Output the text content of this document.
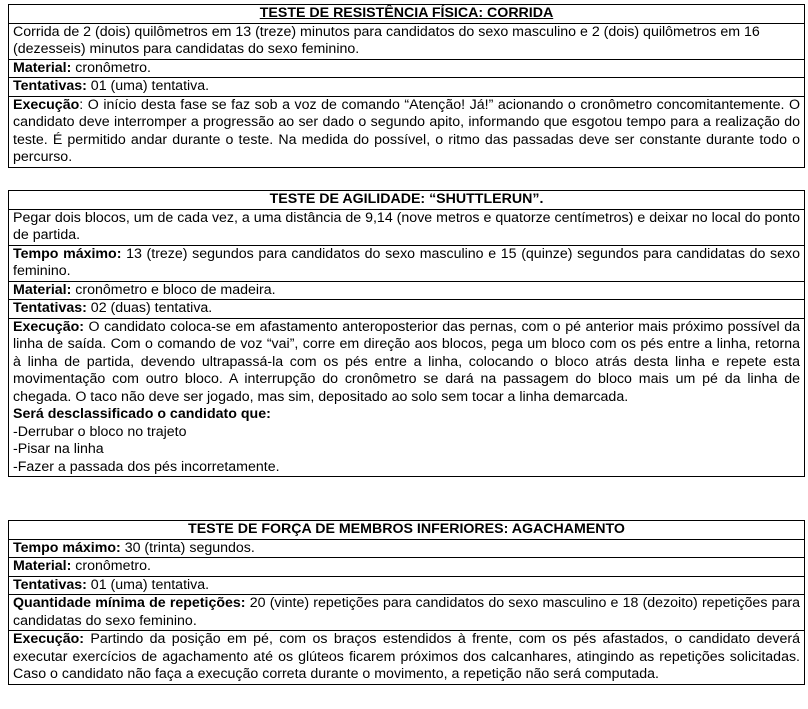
TESTE DE RESISTÊNCIA FÍSICA: CORRIDA
Corrida de 2 (dois) quilômetros em 13 (treze) minutos para candidatos do sexo masculino e 2 (dois) quilômetros em 16 (dezesseis) minutos para candidatas do sexo feminino.
Material: cronômetro.
Tentativas: 01 (uma) tentativa.
Execução: O início desta fase se faz sob a voz de comando “Atenção! Já!” acionando o cronômetro concomitantemente. O candidato deve interromper a progressão ao ser dado o segundo apito, informando que esgotou tempo para a realização do teste. É permitido andar durante o teste. Na medida do possível, o ritmo das passadas deve ser constante durante todo o percurso.
TESTE DE AGILIDADE: “SHUTTLERUN”.
Pegar dois blocos, um de cada vez, a uma distância de 9,14 (nove metros e quatorze centímetros) e deixar no local do ponto de partida.
Tempo máximo: 13 (treze) segundos para candidatos do sexo masculino e 15 (quinze) segundos para candidatas do sexo feminino.
Material: cronômetro e bloco de madeira.
Tentativas: 02 (duas) tentativa.

Execução: O candidato coloca-se em afastamento anteroposterior das pernas, com o pé anterior mais próximo possível da linha de saída. Com o comando de voz “vai”, corre em direção aos blocos, pega um bloco com os pés entre a linha, retorna à linha de partida, devendo ultrapassá-la com os pés entre a linha, colocando o bloco atrás desta linha e repete esta movimentação com outro bloco. A interrupção do cronômetro se dará na passagem do bloco mais um pé da linha de chegada. O taco não deve ser jogado, mas sim, depositado ao solo sem tocar a linha demarcada.

Será desclassificado o candidato que:

-Derrubar o bloco no trajeto

-Pisar na linha

-Fazer a passada dos pés incorretamente.

TESTE DE FORÇA DE MEMBROS INFERIORES: AGACHAMENTO
Tempo máximo: 30 (trinta) segundos.
Material: cronômetro.
Tentativas: 01 (uma) tentativa.
Quantidade mínima de repetições: 20 (vinte) repetições para candidatos do sexo masculino e 18 (dezoito) repetições para candidatas do sexo feminino.
Execução: Partindo da posição em pé, com os braços estendidos à frente, com os pés afastados, o candidato deverá executar exercícios de agachamento até os glúteos ficarem próximos dos calcanhares, atingindo as repetições solicitadas. Caso o candidato não faça a execução correta durante o movimento, a repetição não será computada.
